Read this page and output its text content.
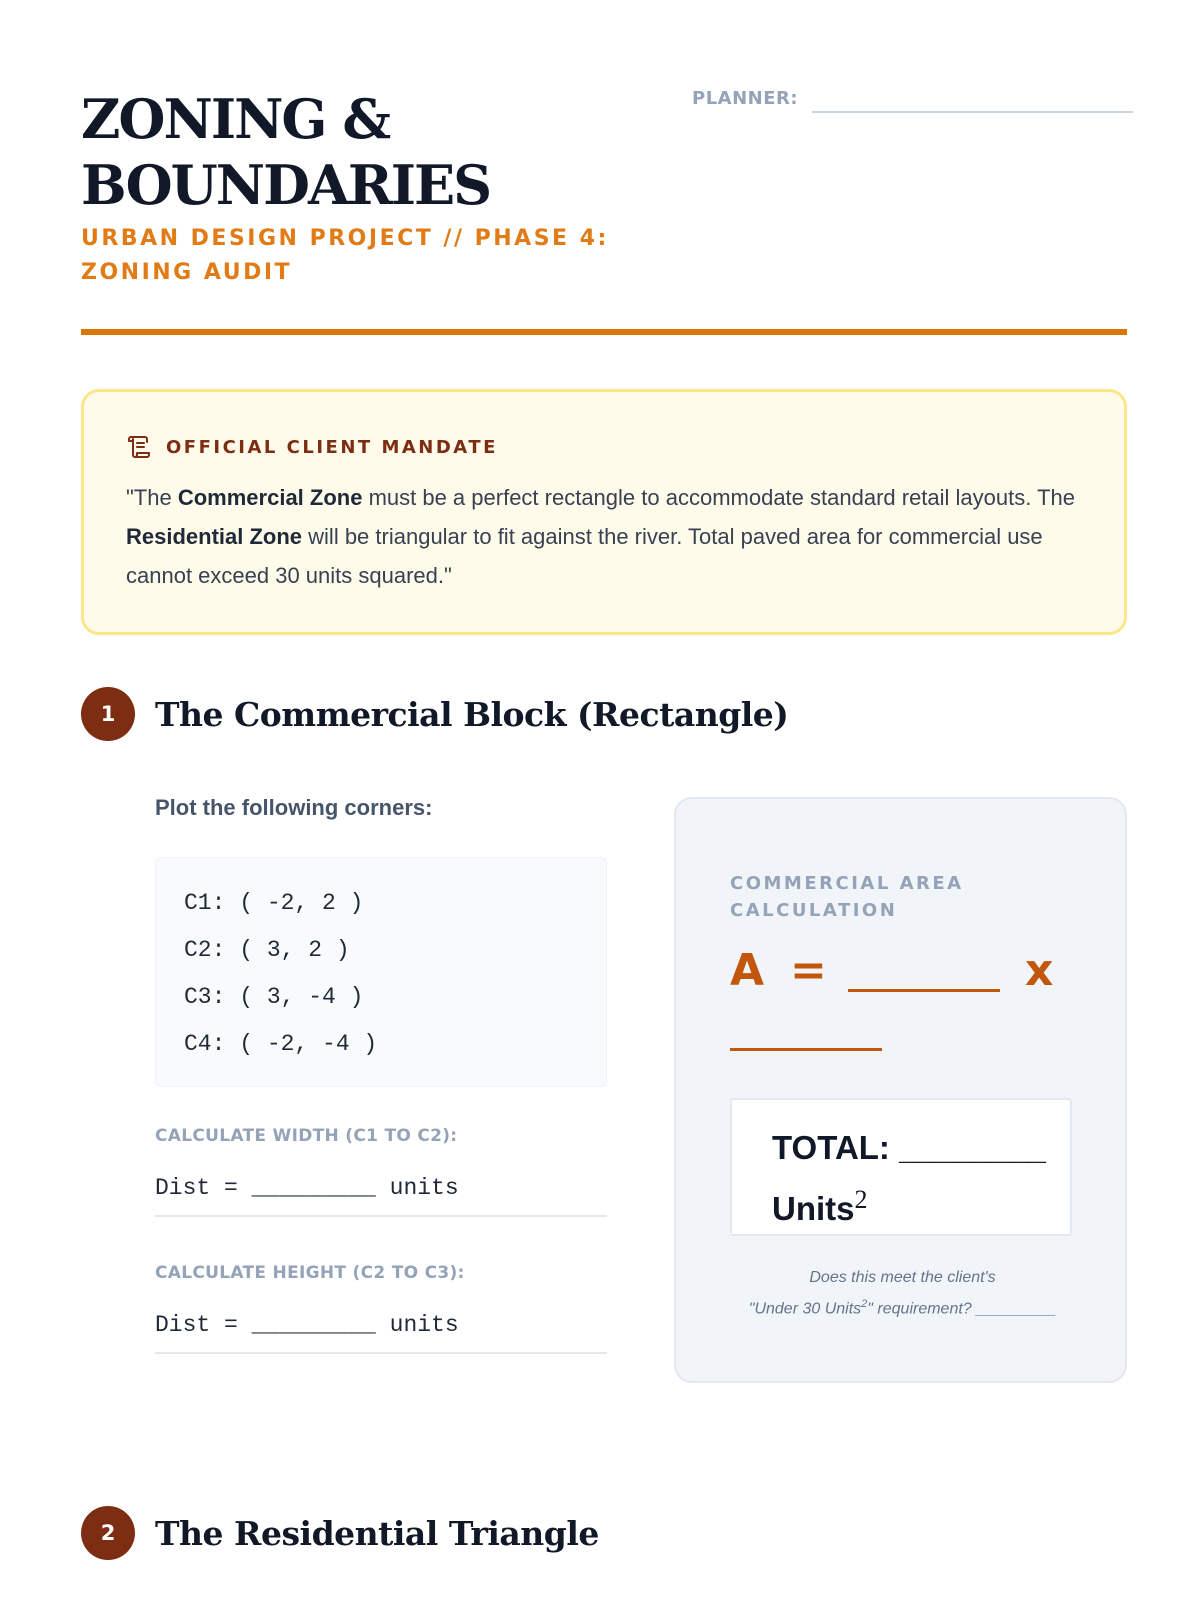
ZONING &
BOUNDARIES
URBAN DESIGN PROJECT // PHASE 4: ZONING AUDIT
PLANNER:
OFFICIAL CLIENT MANDATE
"The Commercial Zone must be a perfect rectangle to accommodate standard retail layouts. The Residential Zone will be triangular to fit against the river. Total paved area for commercial use cannot exceed 30 units squared."
1	The Commercial Block (Rectangle)
Plot the following corners:
C1: ( -2, 2 )
C2: ( 3, 2 )
C3: ( 3, -4 )
C4: ( -2, -4 )
CALCULATE WIDTH (C1 TO C2):
Dist = _________ units
CALCULATE HEIGHT (C2 TO C3):
Dist = _________ units
COMMERCIAL AREA CALCULATION
A =	x
TOTAL: ________
Units$^2$
Does this meet the client's
"Under 30 Units$^2$" requirement? _________
2	The Residential Triangle
